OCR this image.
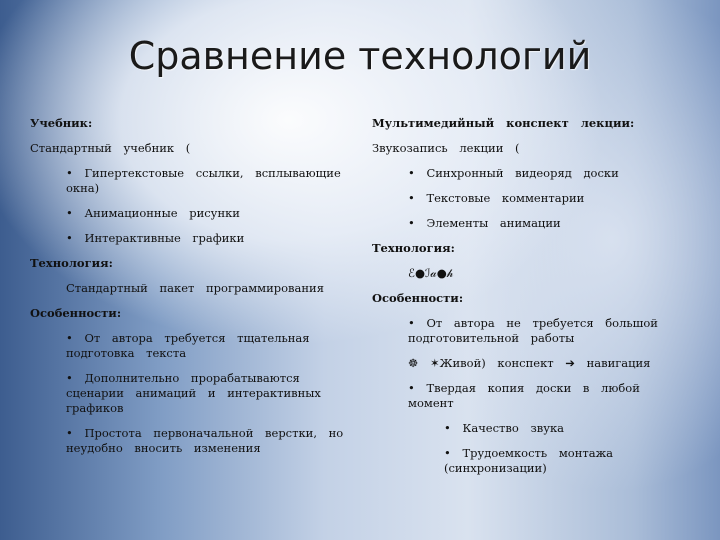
Сравнение технологий
Учебник:
Стандартный учебник (
• Гипертекстовые ссылки, всплывающие окна)
• Анимационные рисунки
• Интерактивные графики
Технология:
Стандартный пакет программирования
Особенности:
• От автора требуется тщательная подготовка текста
• Дополнительно прорабатываются сценарии анимаций и интерактивных графиков
• Простота первоначальной верстки, но неудобно вносить изменения
Мультимедийный конспект лекции:
Звукозапись лекции (
• Синхронный видеоряд доски
• Текстовые комментарии
• Элементы анимации
Технология:
ℰ●ℐ𝒶●𝒽
Особенности:
• От автора не требуется большой подготовительной работы
☸ ✶Живой) конспект ➔ навигация
• Твердая копия доски в любой момент
• Качество звука
• Трудоемкость монтажа (синхронизации)
